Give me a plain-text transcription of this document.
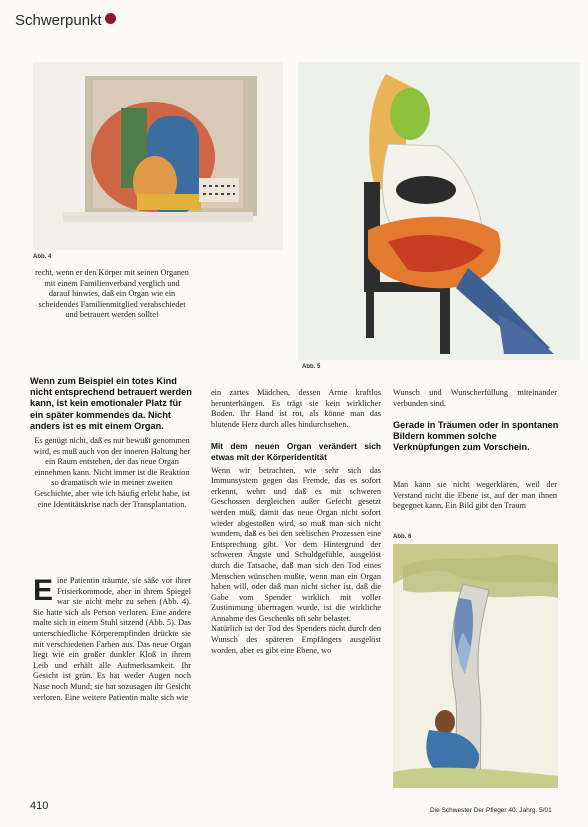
Schwerpunkt
Abb. 4
Abb. 5
Abb. 6

recht, wenn er den Körper mit seinen Organen mit einem Familienverband verglich und darauf hinwies, daß ein Organ wie ein scheidendes Familienmitglied verabschiedet und betrauert werden sollte!

Wenn zum Beispiel ein totes Kind nicht entsprechend betrauert werden kann, ist kein emotionaler Platz für ein später kommendes da. Nicht anders ist es mit einem Organ.

Es genügt nicht, daß es nur bewußt genommen wird, es muß auch von der inneren Haltung her ein Raum entstehen, der das neue Organ einnehmen kann. Nicht immer ist die Reaktion so dramatisch wie in meiner zweiten Geschichte, aber wie ich häufig erlebt habe, ist eine Identitätskrise nach der Transplantation.

Eine Patientin träumte, sie säße vor ihrer Frisierkommode, aber in ihrem Spiegel war sie nicht mehr zu sehen (Abb. 4). Sie hatte sich als Person verloren. Eine andere malte sich in einem Stuhl sitzend (Abb. 5). Das unterschiedliche Körperempfinden drückte sie mit verschiedenen Farben aus. Das neue Organ liegt wie ein großer dunkler Kloß in ihrem Leib und erhält alle Aufmerksamkeit. Ihr Gesicht ist grün. Es hat weder Augen noch Nase noch Mund; sie hat sozusagen ihr Gesicht verloren. Eine weitere Patientin malte sich wie

ein zartes Mädchen, dessen Arme kraftlos herunterhängen. Es trägt sie kein wirklicher Boden. Ihr Hand ist rot, als könne man das blutende Herz durch alles hindurchsehen.

Mit dem neuen Organ verändert sich etwas mit der Körperidentität

Wenn wir betrachten, wie sehr sich das Immunsystem gegen das Fremde, das es sofort erkennt, wehrt und daß es mit schweren Geschossen dergleichen außer Gefecht gesetzt werden muß, damit das neue Organ nicht sofort wieder abgestoßen wird, so muß man sich nicht wundern, daß es bei den seelischen Prozessen eine Entsprechung gibt. Vor dem Hintergrund der schweren Ängste und Schuldgefühle, ausgelöst durch die Tatsache, daß man sich den Tod eines Menschen wünschen mußte, wenn man ein Organ haben will, oder daß man nicht sicher ist, daß die Gabe vom Spender wirklich mit voller Zustimmung übertragen wurde, ist die wirkliche Annahme des Geschenks oft sehr belastet.

Natürlich ist der Tod des Spenders nicht durch den Wunsch des späteren Empfängers ausgelöst worden, aber es gibt eine Ebene, wo

Wunsch und Wunscherfüllung miteinander verbunden sind.

Gerade in Träumen oder in spontanen Bildern kommen solche Verknüpfungen zum Vorschein.

Man kann sie nicht wegerklären, weil der Verstand nicht die Ebene ist, auf der man ihnen begegnet kann. Ein Bild gibt den Traum

410	Die Schwester Der Pfleger 40. Jahrg. 5/01
